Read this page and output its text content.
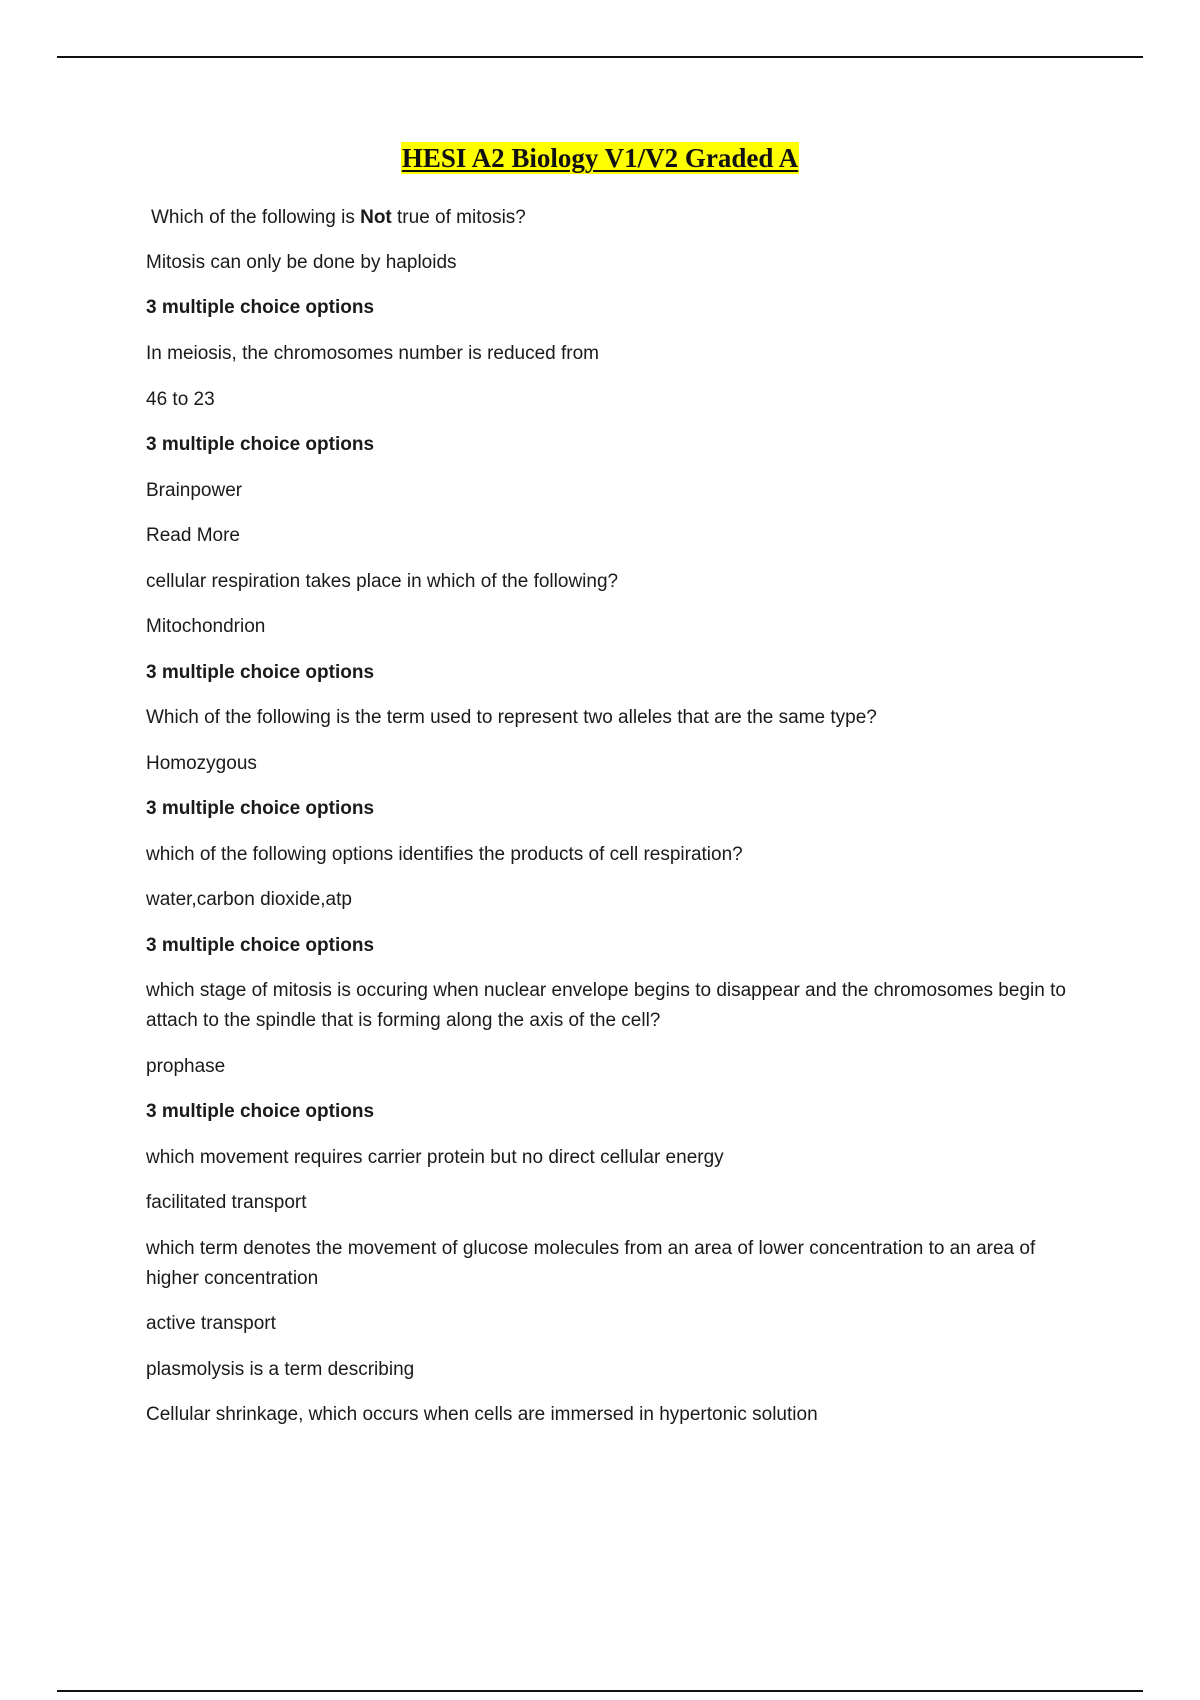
HESI A2 Biology V1/V2 Graded A
Which of the following is Not true of mitosis?
Mitosis can only be done by haploids
3 multiple choice options
In meiosis, the chromosomes number is reduced from
46 to 23
3 multiple choice options
Brainpower
Read More
cellular respiration takes place in which of the following?
Mitochondrion
3 multiple choice options
Which of the following is the term used to represent two alleles that are the same type?
Homozygous
3 multiple choice options
which of the following options identifies the products of cell respiration?
water,carbon dioxide,atp
3 multiple choice options
which stage of mitosis is occuring when nuclear envelope begins to disappear and the chromosomes begin to attach to the spindle that is forming along the axis of the cell?
prophase
3 multiple choice options
which movement requires carrier protein but no direct cellular energy
facilitated transport
which term denotes the movement of glucose molecules from an area of lower concentration to an area of higher concentration
active transport
plasmolysis is a term describing
Cellular shrinkage, which occurs when cells are immersed in hypertonic solution
